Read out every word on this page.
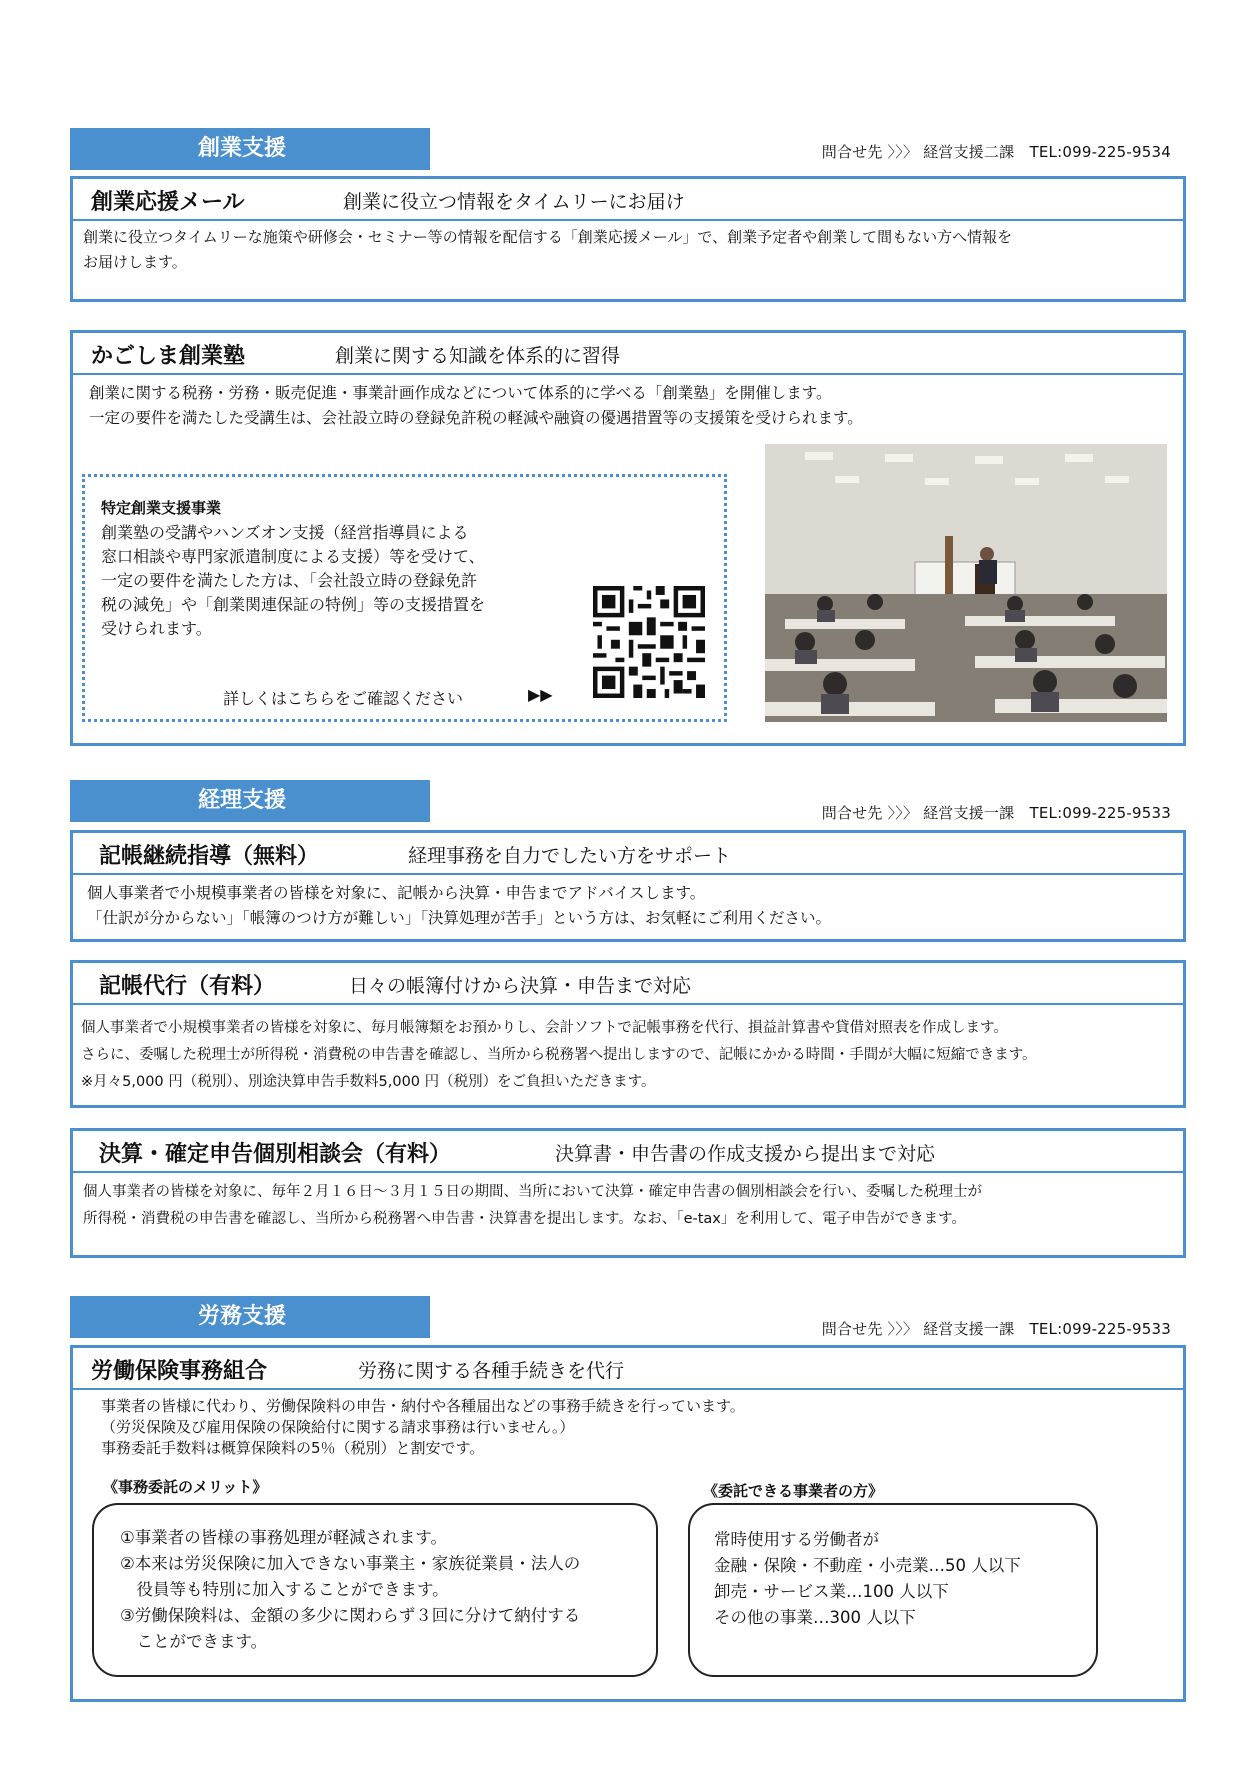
創業支援	問合せ先 〉〉〉 経営支援二課　TEL:099-225-9534
創業応援メール	創業に役立つ情報をタイムリーにお届け
創業に役立つタイムリーな施策や研修会・セミナー等の情報を配信する「創業応援メール」で、創業予定者や創業して間もない方へ情報を
お届けします。
かごしま創業塾	創業に関する知識を体系的に習得
創業に関する税務・労務・販売促進・事業計画作成などについて体系的に学べる「創業塾」を開催します。
一定の要件を満たした受講生は、会社設立時の登録免許税の軽減や融資の優遇措置等の支援策を受けられます。
特定創業支援事業
創業塾の受講やハンズオン支援（経営指導員による
窓口相談や専門家派遣制度による支援）等を受けて、
一定の要件を満たした方は、「会社設立時の登録免許
税の減免」や「創業関連保証の特例」等の支援措置を
受けられます。
詳しくはこちらをご確認ください	▶▶
経理支援	問合せ先 〉〉〉 経営支援一課　TEL:099-225-9533
記帳継続指導（無料）	経理事務を自力でしたい方をサポート
個人事業者で小規模事業者の皆様を対象に、記帳から決算・申告までアドバイスします。
「仕訳が分からない」「帳簿のつけ方が難しい」「決算処理が苦手」という方は、お気軽にご利用ください。
記帳代行（有料）	日々の帳簿付けから決算・申告まで対応
個人事業者で小規模事業者の皆様を対象に、毎月帳簿類をお預かりし、会計ソフトで記帳事務を代行、損益計算書や貸借対照表を作成します。
さらに、委嘱した税理士が所得税・消費税の申告書を確認し、当所から税務署へ提出しますので、記帳にかかる時間・手間が大幅に短縮できます。
※月々5,000 円（税別）、別途決算申告手数料5,000 円（税別）をご負担いただきます。
決算・確定申告個別相談会（有料）	決算書・申告書の作成支援から提出まで対応
個人事業者の皆様を対象に、毎年２月１６日～３月１５日の期間、当所において決算・確定申告書の個別相談会を行い、委嘱した税理士が
所得税・消費税の申告書を確認し、当所から税務署へ申告書・決算書を提出します。なお、「e-tax」を利用して、電子申告ができます。
労務支援	問合せ先 〉〉〉 経営支援一課　TEL:099-225-9533
労働保険事務組合	労務に関する各種手続きを代行
事業者の皆様に代わり、労働保険料の申告・納付や各種届出などの事務手続きを行っています。
（労災保険及び雇用保険の保険給付に関する請求事務は行いません。）
事務委託手数料は概算保険料の5％（税別）と割安です。
《事務委託のメリット》	《委託できる事業者の方》
①事業者の皆様の事務処理が軽減されます。
②本来は労災保険に加入できない事業主・家族従業員・法人の
　役員等も特別に加入することができます。
③労働保険料は、金額の多少に関わらず３回に分けて納付する
　ことができます。
常時使用する労働者が
金融・保険・不動産・小売業…50 人以下
卸売・サービス業…100 人以下
その他の事業…300 人以下
